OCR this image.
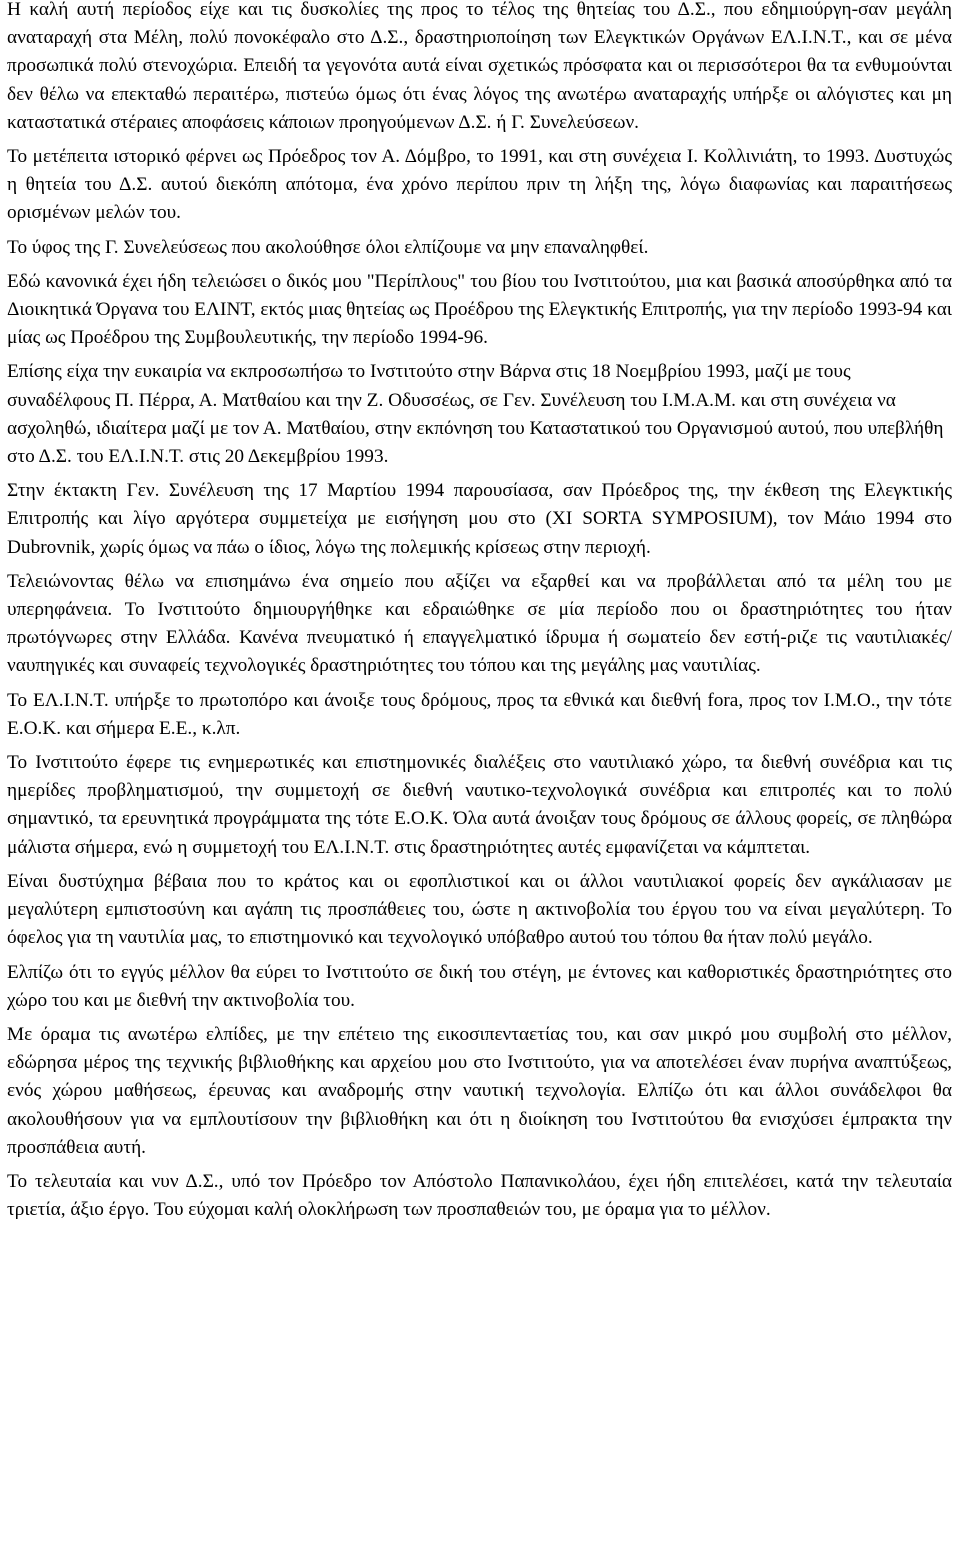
Η καλή αυτή περίοδος είχε και τις δυσκολίες της προς το τέλος της θητείας του Δ.Σ., που εδημιούργη-σαν μεγάλη αναταραχή στα Μέλη, πολύ πονοκέφαλο στο Δ.Σ., δραστηριοποίηση των Ελεγκτικών Οργάνων ΕΛ.Ι.Ν.Τ., και σε μένα προσωπικά πολύ στενοχώρια. Επειδή τα γεγονότα αυτά είναι σχετικώς πρόσφατα και οι περισσότεροι θα τα ενθυμούνται δεν θέλω να επεκταθώ περαιτέρω, πιστεύω όμως ότι ένας λόγος της ανωτέρω αναταραχής υπήρξε οι αλόγιστες και μη καταστατικά στέραιες αποφάσεις κάποιων προηγούμενων Δ.Σ. ή Γ. Συνελεύσεων.

Το μετέπειτα ιστορικό φέρνει ως Πρόεδρος τον Α. Δόμβρο, το 1991, και στη συνέχεια Ι. Κολλινιάτη, το 1993. Δυστυχώς η θητεία του Δ.Σ. αυτού διεκόπη απότομα, ένα χρόνο περίπου πριν τη λήξη της, λόγω διαφωνίας και παραιτήσεως ορισμένων μελών του.

Το ύφος της Γ. Συνελεύσεως που ακολούθησε όλοι ελπίζουμε να μην επαναληφθεί.

Εδώ κανονικά έχει ήδη τελειώσει ο δικός μου "Περίπλους" του βίου του Ινστιτούτου, μια και βασικά αποσύρθηκα από τα Διοικητικά Όργανα του ΕΛΙΝΤ, εκτός μιας θητείας ως Προέδρου της Ελεγκτικής Επιτροπής, για την περίοδο 1993-94 και μίας ως Προέδρου της Συμβουλευτικής, την περίοδο 1994-96.

Επίσης είχα την ευκαιρία να εκπροσωπήσω το Ινστιτούτο στην Βάρνα στις 18 Νοεμβρίου 1993, μαζί με τους συναδέλφους Π. Πέρρα, Α. Ματθαίου και την Ζ. Οδυσσέως, σε Γεν. Συνέλευση του Ι.Μ.Α.Μ. και στη συνέχεια να ασχοληθώ, ιδιαίτερα μαζί με τον Α. Ματθαίου, στην εκπόνηση του Καταστατικού του Οργανισμού αυτού, που υπεβλήθη στο Δ.Σ. του ΕΛ.Ι.Ν.Τ. στις 20 Δεκεμβρίου 1993.

Στην έκτακτη Γεν. Συνέλευση της 17 Μαρτίου 1994 παρουσίασα, σαν Πρόεδρος της, την έκθεση της Ελεγκτικής Επιτροπής και λίγο αργότερα συμμετείχα με εισήγηση μου στο (XI SORTA SYMPOSIUM), τον Μάιο 1994 στο Dubrovnik, χωρίς όμως να πάω ο ίδιος, λόγω της πολεμικής κρίσεως στην περιοχή.

Τελειώνοντας θέλω να επισημάνω ένα σημείο που αξίζει να εξαρθεί και να προβάλλεται από τα μέλη του με υπερηφάνεια. Το Ινστιτούτο δημιουργήθηκε και εδραιώθηκε σε μία περίοδο που οι δραστηριότητες του ήταν πρωτόγνωρες στην Ελλάδα. Κανένα πνευματικό ή επαγγελματικό ίδρυμα ή σωματείο δεν εστή-ριζε τις ναυτιλιακές/ναυπηγικές και συναφείς τεχνολογικές δραστηριότητες του τόπου και της μεγάλης μας ναυτιλίας.

Το ΕΛ.Ι.Ν.Τ. υπήρξε το πρωτοπόρο και άνοιξε τους δρόμους, προς τα εθνικά και διεθνή fora, προς τον Ι.Μ.Ο., την τότε Ε.Ο.Κ. και σήμερα Ε.Ε., κ.λπ.

Το Ινστιτούτο έφερε τις ενημερωτικές και επιστημονικές διαλέξεις στο ναυτιλιακό χώρο, τα διεθνή συνέδρια και τις ημερίδες προβληματισμού, την συμμετοχή σε διεθνή ναυτικο-τεχνολογικά συνέδρια και επιτροπές και το πολύ σημαντικό, τα ερευνητικά προγράμματα της τότε Ε.Ο.Κ. Όλα αυτά άνοιξαν τους δρόμους σε άλλους φορείς, σε πληθώρα μάλιστα σήμερα, ενώ η συμμετοχή του ΕΛ.Ι.Ν.Τ. στις δραστηριότητες αυτές εμφανίζεται να κάμπτεται.

Είναι δυστύχημα βέβαια που το κράτος και οι εφοπλιστικοί και οι άλλοι ναυτιλιακοί φορείς δεν αγκάλιασαν με μεγαλύτερη εμπιστοσύνη και αγάπη τις προσπάθειες του, ώστε η ακτινοβολία του έργου του να είναι μεγαλύτερη. Το όφελος για τη ναυτιλία μας, το επιστημονικό και τεχνολογικό υπόβαθρο αυτού του τόπου θα ήταν πολύ μεγάλο.

Ελπίζω ότι το εγγύς μέλλον θα εύρει το Ινστιτούτο σε δική του στέγη, με έντονες και καθοριστικές δραστηριότητες στο χώρο του και με διεθνή την ακτινοβολία του.

Με όραμα τις ανωτέρω ελπίδες, με την επέτειο της εικοσιπενταετίας του, και σαν μικρό μου συμβολή στο μέλλον, εδώρησα μέρος της τεχνικής βιβλιοθήκης και αρχείου μου στο Ινστιτούτο, για να αποτελέσει έναν πυρήνα αναπτύξεως, ενός χώρου μαθήσεως, έρευνας και αναδρομής στην ναυτική τεχνολογία. Ελπίζω ότι και άλλοι συνάδελφοι θα ακολουθήσουν για να εμπλουτίσουν την βιβλιοθήκη και ότι η διοίκηση του Ινστιτούτου θα ενισχύσει έμπρακτα την προσπάθεια αυτή.

Το τελευταία και νυν Δ.Σ., υπό τον Πρόεδρο τον Απόστολο Παπανικολάου, έχει ήδη επιτελέσει, κατά την τελευταία τριετία, άξιο έργο. Του εύχομαι καλή ολοκλήρωση των προσπαθειών του, με όραμα για το μέλλον.
